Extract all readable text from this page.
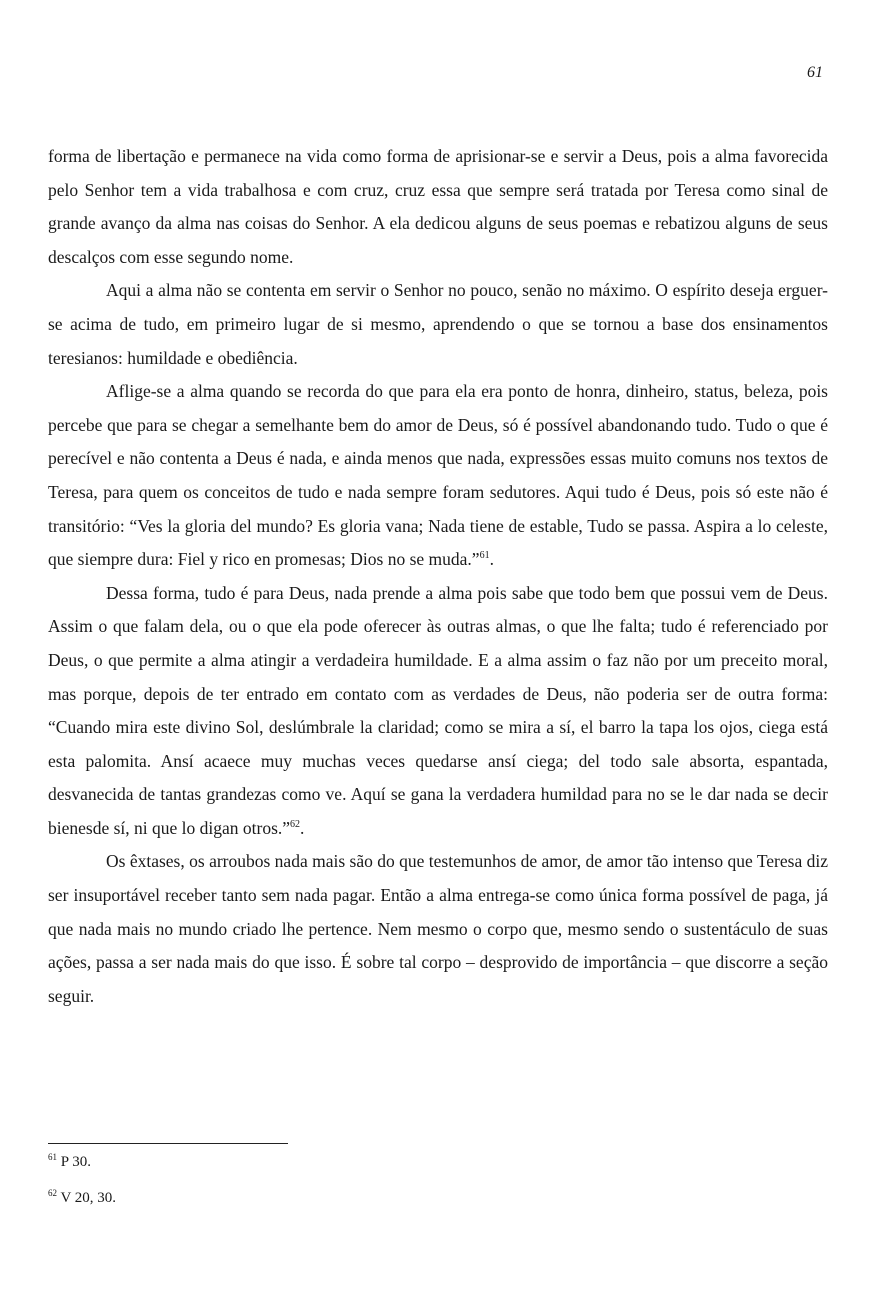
61

forma de libertação e permanece na vida como forma de aprisionar-se e servir a Deus, pois a alma favorecida pelo Senhor tem a vida trabalhosa e com cruz, cruz essa que sempre será tratada por Teresa como sinal de grande avanço da alma nas coisas do Senhor. A ela dedicou alguns de seus poemas e rebatizou alguns de seus descalços com esse segundo nome.

Aqui a alma não se contenta em servir o Senhor no pouco, senão no máximo. O espírito deseja erguer-se acima de tudo, em primeiro lugar de si mesmo, aprendendo o que se tornou a base dos ensinamentos teresianos: humildade e obediência.

Aflige-se a alma quando se recorda do que para ela era ponto de honra, dinheiro, status, beleza, pois percebe que para se chegar a semelhante bem do amor de Deus, só é possível abandonando tudo. Tudo o que é perecível e não contenta a Deus é nada, e ainda menos que nada, expressões essas muito comuns nos textos de Teresa, para quem os conceitos de tudo e nada sempre foram sedutores. Aqui tudo é Deus, pois só este não é transitório: “Ves la gloria del mundo? Es gloria vana; Nada tiene de estable, Tudo se passa. Aspira a lo celeste, que siempre dura: Fiel y rico en promesas; Dios no se muda.”$^{61}$.

Dessa forma, tudo é para Deus, nada prende a alma pois sabe que todo bem que possui vem de Deus. Assim o que falam dela, ou o que ela pode oferecer às outras almas, o que lhe falta; tudo é referenciado por Deus, o que permite a alma atingir a verdadeira humildade. E a alma assim o faz não por um preceito moral, mas porque, depois de ter entrado em contato com as verdades de Deus, não poderia ser de outra forma: “Cuando mira este divino Sol, deslúmbrale la claridad; como se mira a sí, el barro la tapa los ojos, ciega está esta palomita. Ansí acaece muy muchas veces quedarse ansí ciega; del todo sale absorta, espantada, desvanecida de tantas grandezas como ve. Aquí se gana la verdadera humildad para no se le dar nada se decir bienesde sí, ni que lo digan otros.”$^{62}$.

Os êxtases, os arroubos nada mais são do que testemunhos de amor, de amor tão intenso que Teresa diz ser insuportável receber tanto sem nada pagar. Então a alma entrega-se como única forma possível de paga, já que nada mais no mundo criado lhe pertence. Nem mesmo o corpo que, mesmo sendo o sustentáculo de suas ações, passa a ser nada mais do que isso. É sobre tal corpo – desprovido de importância – que discorre a seção seguir.

$^{61}$ P 30.
$^{62}$ V 20, 30.
